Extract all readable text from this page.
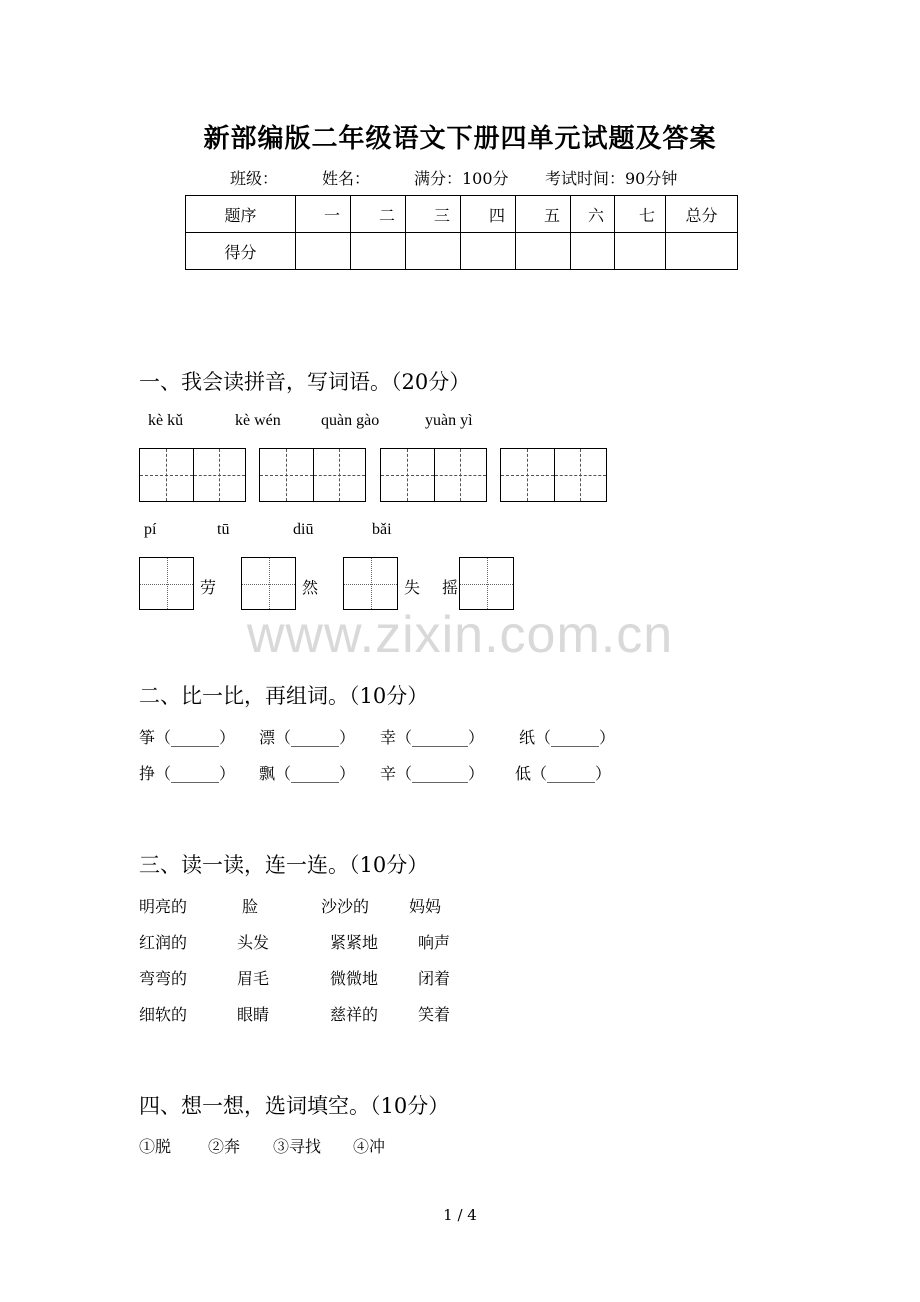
新部编版二年级语文下册四单元试题及答案
班级：	姓名：	满分：100分 考试时间：90分钟
题序	一	二	三	四	五	六	七	总分
得分								
一、我会读拼音，写词语。（20分）
kè kǔ	kè wén	quàn gào	yuàn yì
pí	tū	diū	bǎi
劳	然	失 摇
www.zixin.com.cn
二、比一比，再组词。（10分）
筝（______） 漂（______） 幸（_______） 纸（______）
挣（______） 飘（______） 辛（_______） 低（______）
三、读一读，连一连。（10分）
明亮的	脸	沙沙的 妈妈
红润的	头发	紧紧地 响声
弯弯的	眉毛	微微地 闭着
细软的	眼睛	慈祥的 笑着
四、想一想，选词填空。（10分）
①脱 ②奔 ③寻找 ④冲
1 / 4
